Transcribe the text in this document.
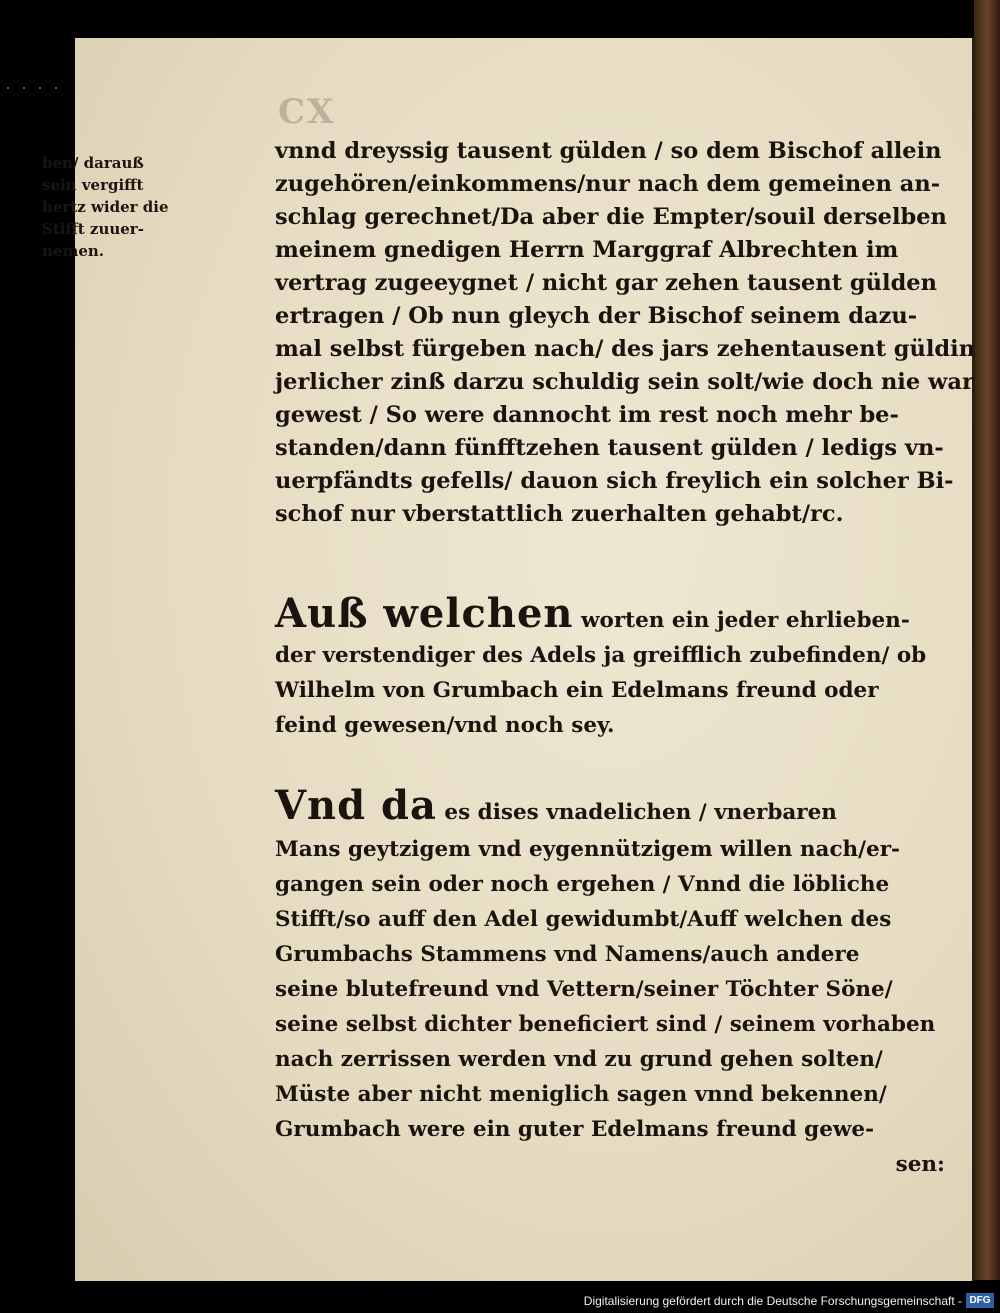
CX
ben/ darauß
sein vergifft
hertz wider die
Stifft zuuer-
nemen.
vnnd dreyssig tausent gülden / so dem Bischof allein
zugehören/einkommens/nur nach dem gemeinen an-
schlag gerechnet/Da aber die Empter/souil derselben
meinem gnedigen Herrn Marggraf Albrechten im
vertrag zugeeygnet / nicht gar zehen tausent gülden
ertragen / Ob nun gleych der Bischof seinem dazu-
mal selbst fürgeben nach/ des jars zehentausent güldin
jerlicher zinß darzu schuldig sein solt/wie doch nie war
gewest / So were dannocht im rest noch mehr be-
standen/dann fünfftzehen tausent gülden / ledigs vn-
uerpfändts gefells/ dauon sich freylich ein solcher Bi-
schof nur vberstattlich zuerhalten gehabt/rc.
Auß welchen worten ein jeder ehrlieben-
der verstendiger des Adels ja greifflich zubefinden/ ob
Wilhelm von Grumbach ein Edelmans freund oder
feind gewesen/vnd noch sey.
Vnd da es dises vnadelichen / vnerbaren
Mans geytzigem vnd eygennützigem willen nach/er-
gangen sein oder noch ergehen / Vnnd die löbliche
Stifft/so auff den Adel gewidumbt/Auff welchen des
Grumbachs Stammens vnd Namens/auch andere
seine blutefreund vnd Vettern/seiner Töchter Söne/
seine selbst dichter beneficiert sind / seinem vorhaben
nach zerrissen werden vnd zu grund gehen solten/
Müste aber nicht meniglich sagen vnnd bekennen/
Grumbach were ein guter Edelmans freund gewe-
sen:
Digitalisierung gefördert durch die Deutsche Forschungsgemeinschaft - DFG
